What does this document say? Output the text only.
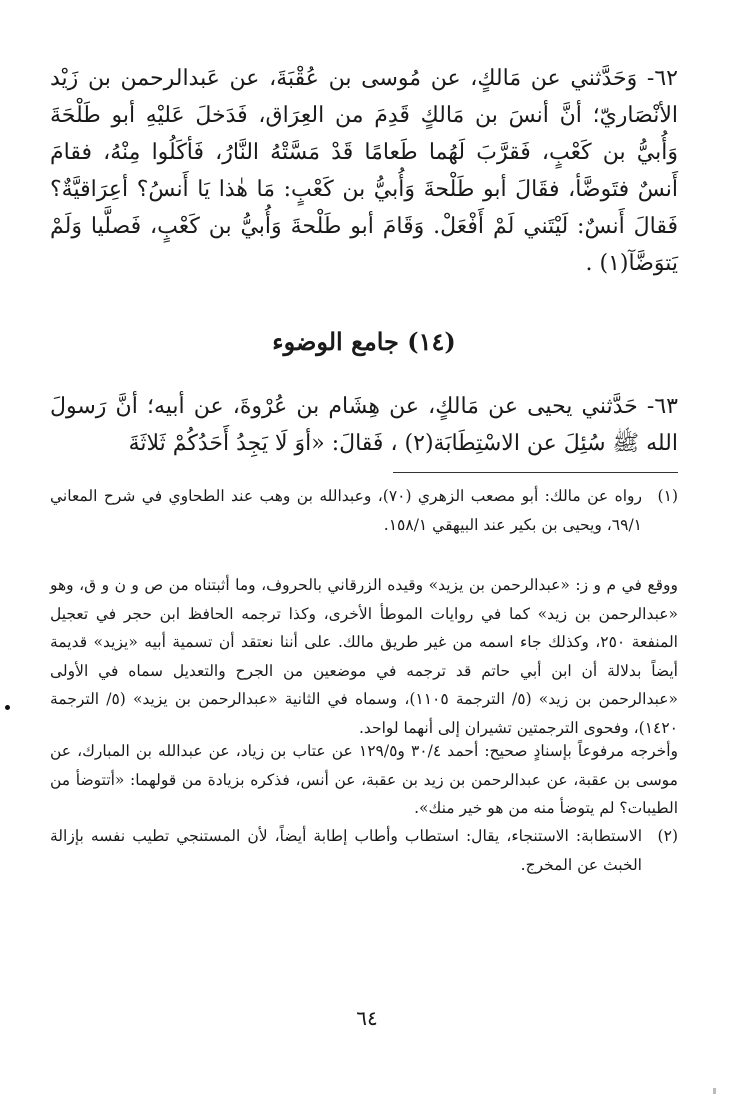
٦٢- وَحَدَّثني عن مَالكٍ، عن مُوسى بن عُقْبَةَ، عن عَبدالرحمن بن زَيْد الأنْصَاريّ؛ أنَّ أنسَ بن مَالكٍ قَدِمَ من العِرَاق، فَدَخلَ عَليْهِ أبو طَلْحَةَ وَأُبيُّ بن كَعْبٍ، فَقرَّبَ لَهُما طَعامًا قَدْ مَسَّتْهُ النَّارُ، فَأكَلُوا مِنْهُ، فقامَ أَنسٌ فتَوضَّأ، فقَالَ أبو طَلْحةَ وَأُبيُّ بن كَعْبٍ: مَا هٰذا يَا أَنسُ؟ أعِرَاقيَّةٌ؟ فَقالَ أَنسٌ: لَيْتَني لَمْ أَفْعَلْ. وَقَامَ أبو طَلْحةَ وَأُبيُّ بن كَعْبٍ، فَصلَّيا وَلَمْ يَتوَضَّآ(١) .
(١٤) جامع الوضوء
٦٣- حَدَّثني يحيى عن مَالكٍ، عن هِشَام بن عُرْوةَ، عن أبيه؛ أنَّ رَسولَ الله ﷺ سُئِلَ عن الاسْتِطَابَة(٢) ، فَقالَ: «أوَ لَا يَجِدُ أَحَدُكُمْ ثَلاثَةَ
(١)
رواه عن مالك: أبو مصعب الزهري (٧٠)، وعبدالله بن وهب عند الطحاوي في شرح المعاني ٦٩/١، ويحيى بن بكير عند البيهقي ١٥٨/١.

ووقع في م و ز: «عبدالرحمن بن يزيد» وقيده الزرقاني بالحروف، وما أثبتناه من ص و ن و ق، وهو «عبدالرحمن بن زيد» كما في روايات الموطأ الأخرى، وكذا ترجمه الحافظ ابن حجر في تعجيل المنفعة ٢٥٠، وكذلك جاء اسمه من غير طريق مالك. على أننا نعتقد أن تسمية أبيه «يزيد» قديمة أيضاً بدلالة أن ابن أبي حاتم قد ترجمه في موضعين من الجرح والتعديل سماه في الأولى «عبدالرحمن بن زيد» (٥/ الترجمة ١١٠٥)، وسماه في الثانية «عبدالرحمن بن يزيد» (٥/ الترجمة ١٤٢٠)، وفحوى الترجمتين تشيران إلى أنهما لواحد.

وأخرجه مرفوعاً بإسنادٍ صحيح: أحمد ٣٠/٤ و١٢٩/٥ عن عتاب بن زياد، عن عبدالله بن المبارك، عن موسى بن عقبة، عن عبدالرحمن بن زيد بن عقبة، عن أنس، فذكره بزيادة من قولهما: «أتتوضأ من الطيبات؟ لم يتوضأ منه من هو خير منك».

(٢)
الاستطابة: الاستنجاء، يقال: استطاب وأطاب إطابة أيضاً، لأن المستنجي تطيب نفسه بإزالة الخبث عن المخرج.
٦٤
